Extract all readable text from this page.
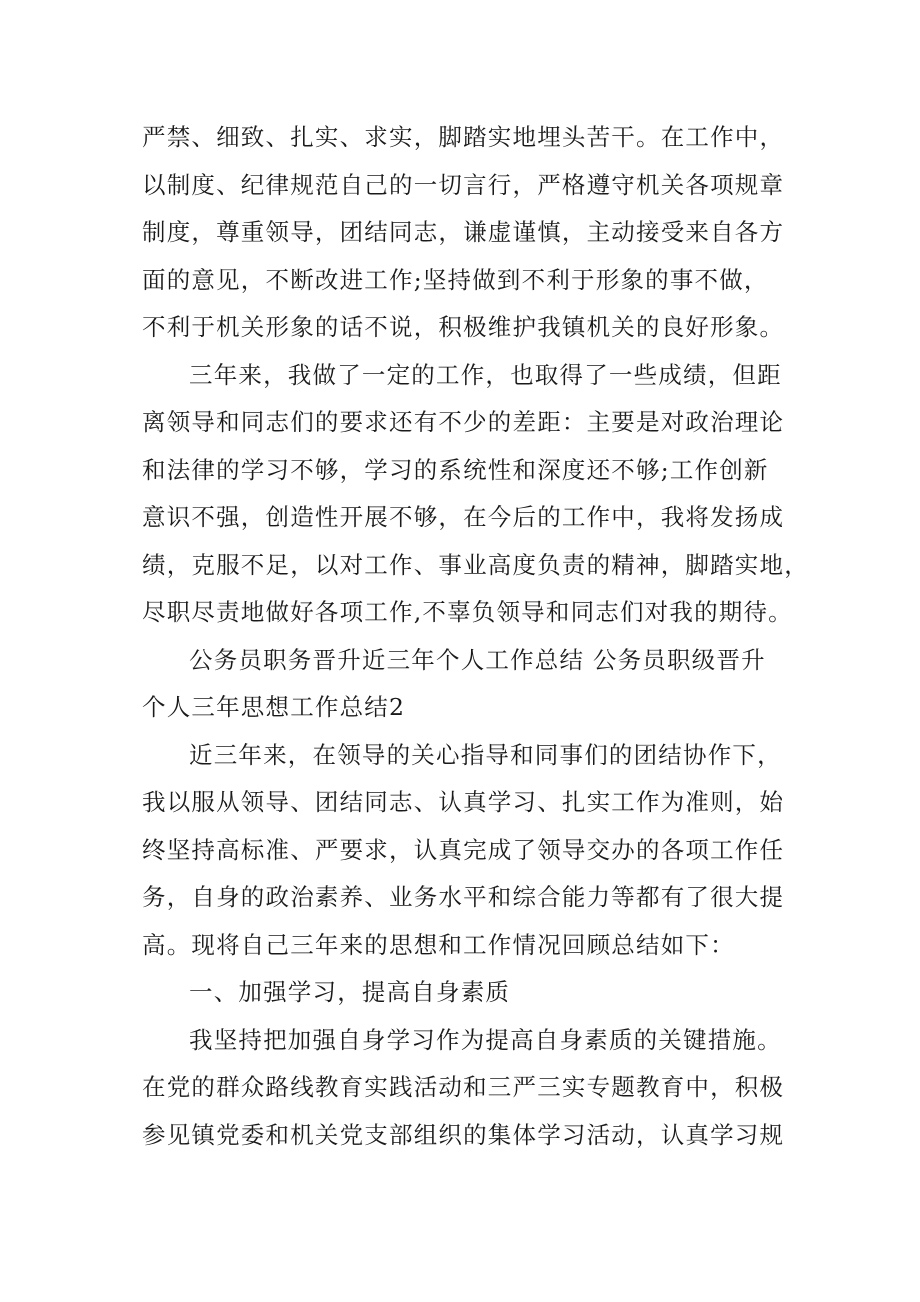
严禁、细致、扎实、求实，脚踏实地埋头苦干。在工作中，
以制度、纪律规范自己的一切言行，严格遵守机关各项规章
制度，尊重领导，团结同志，谦虚谨慎，主动接受来自各方
面的意见，不断改进工作;坚持做到不利于形象的事不做，
不利于机关形象的话不说，积极维护我镇机关的良好形象。
三年来，我做了一定的工作，也取得了一些成绩，但距
离领导和同志们的要求还有不少的差距：主要是对政治理论
和法律的学习不够，学习的系统性和深度还不够;工作创新
意识不强，创造性开展不够，在今后的工作中，我将发扬成
绩，克服不足，以对工作、事业高度负责的精神，脚踏实地，
尽职尽责地做好各项工作,不辜负领导和同志们对我的期待。
公务员职务晋升近三年个人工作总结 公务员职级晋升
个人三年思想工作总结2
近三年来，在领导的关心指导和同事们的团结协作下，
我以服从领导、团结同志、认真学习、扎实工作为准则，始
终坚持高标准、严要求，认真完成了领导交办的各项工作任
务，自身的政治素养、业务水平和综合能力等都有了很大提
高。现将自己三年来的思想和工作情况回顾总结如下：
一、加强学习，提高自身素质
我坚持把加强自身学习作为提高自身素质的关键措施。
在党的群众路线教育实践活动和三严三实专题教育中，积极
参见镇党委和机关党支部组织的集体学习活动，认真学习规
